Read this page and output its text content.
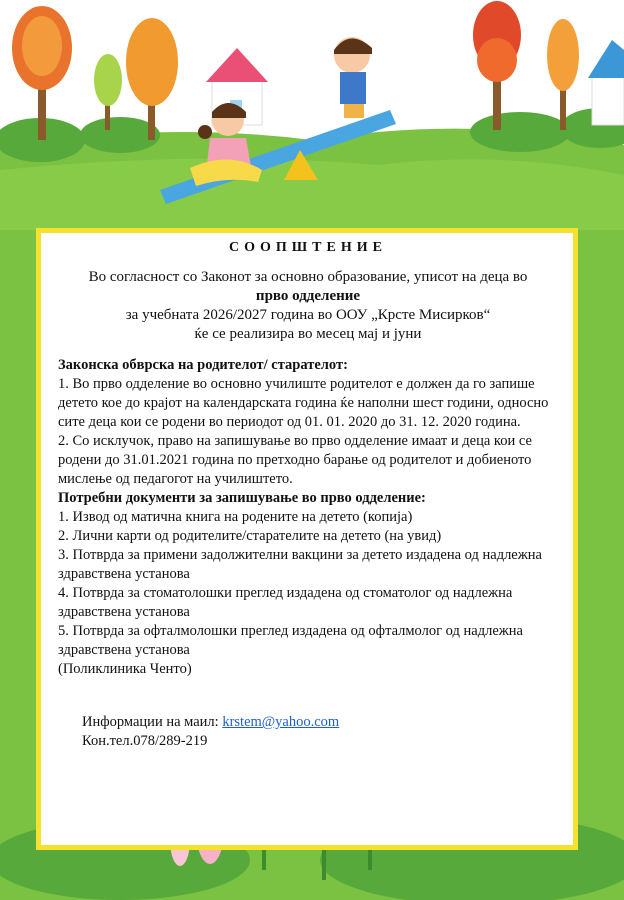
СООПШТЕНИЕ
Во согласност со Законот за основно образование, уписот на деца во
прво одделение
за учебната 2026/2027 година во ООУ „Крсте Мисирков“
ќе се реализира во месец мај и јуни

Законска обврска на родителот/ старателот:

1. Во прво одделение во основно училиште родителот е должен да го запише детето кое до крајот на календарската година ќе наполни шест години, односно сите деца кои се родени во периодот од 01. 01. 2020 до 31. 12. 2020 година.

2. Со исклучок, право на запишување во прво одделение имаат и деца кои се родени до 31.01.2021 година по претходно барање од родителот и добиеното мислење од педагогот на училиштето.

Потребни документи за запишување во прво одделение:

1. Извод од матична книга на родените на детето (копија)

2. Лични карти од родителите/старателите на детето (на увид)

3. Потврда за примени задолжителни вакцини за детето издадена од надлежна здравствена установа

4. Потврда за стоматолошки преглед издадена од стоматолог од надлежна здравствена установа

5. Потврда за офталмолошки преглед издадена од офталмолог од надлежна здравствена установа

(Поликлиника Ченто)

Информации на маил: krstem@yahoo.com
Кон.тел.078/289-219
